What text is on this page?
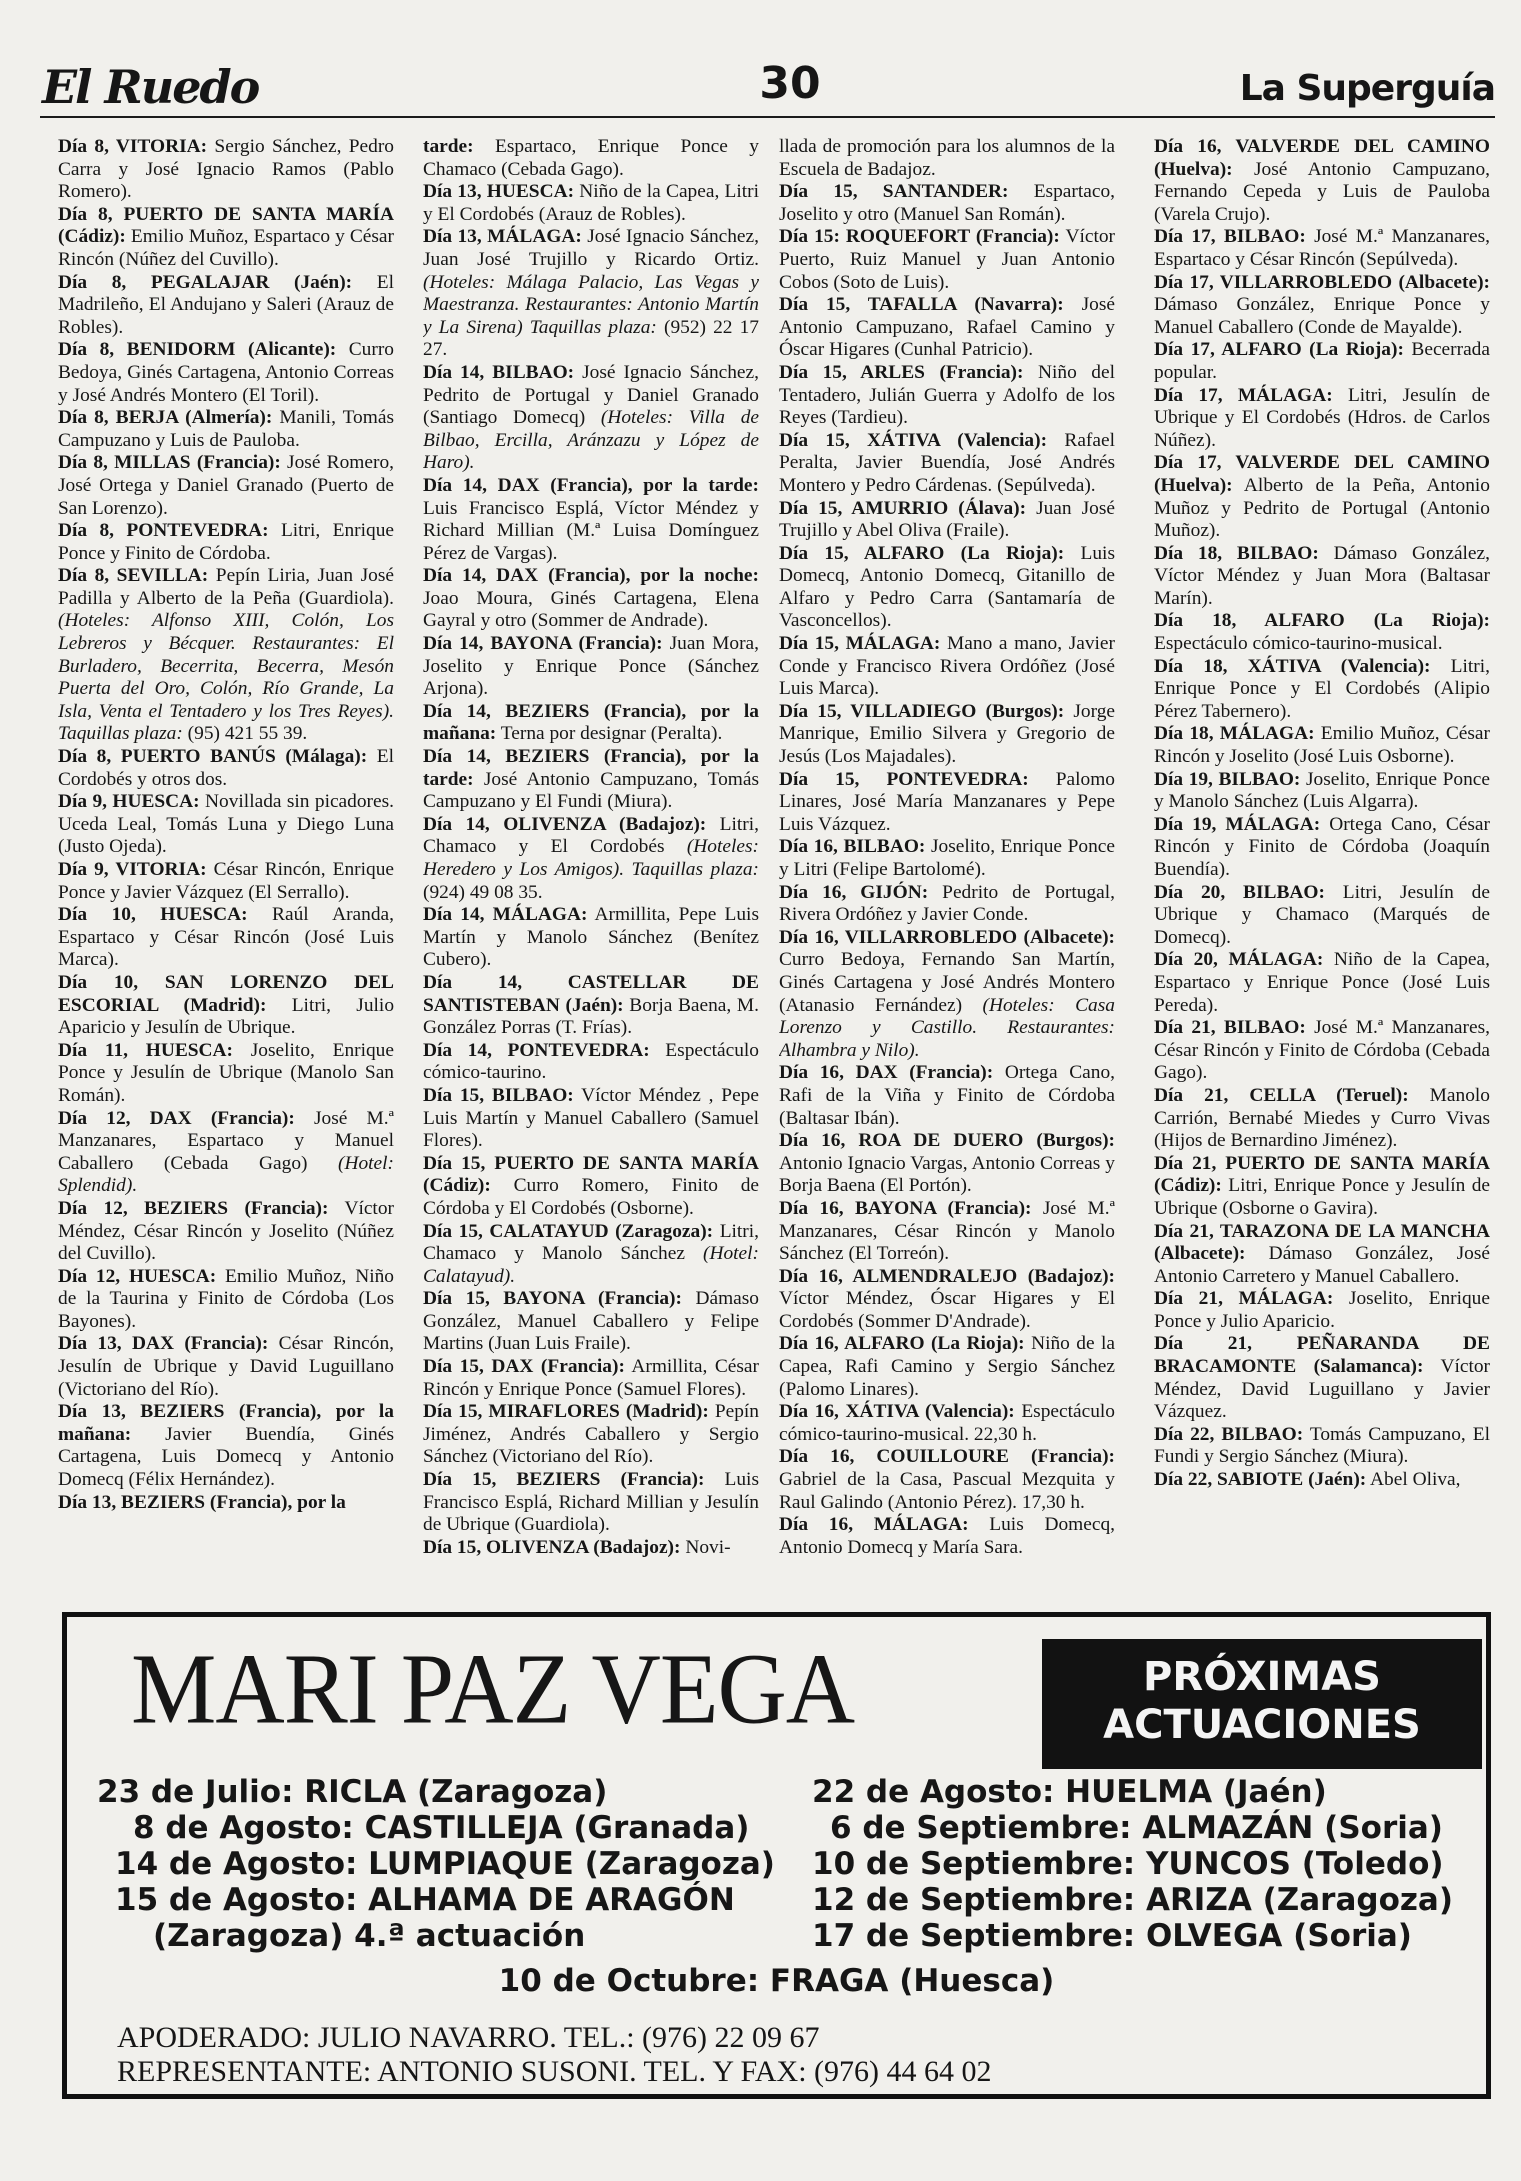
El Ruedo	30	La Superguía

Día 8, VITORIA: Sergio Sánchez, Pedro Carra y José Ignacio Ramos (Pablo Romero).

Día 8, PUERTO DE SANTA MARÍA (Cádiz): Emilio Muñoz, Espartaco y César Rincón (Núñez del Cuvillo).

Día 8, PEGALAJAR (Jaén): El Madrileño, El Andujano y Saleri (Arauz de Robles).

Día 8, BENIDORM (Alicante): Curro Bedoya, Ginés Cartagena, Antonio Correas y José Andrés Montero (El Toril).

Día 8, BERJA (Almería): Manili, Tomás Campuzano y Luis de Pauloba.

Día 8, MILLAS (Francia): José Romero, José Ortega y Daniel Granado (Puerto de San Lorenzo).

Día 8, PONTEVEDRA: Litri, Enrique Ponce y Finito de Córdoba.

Día 8, SEVILLA: Pepín Liria, Juan José Padilla y Alberto de la Peña (Guardiola). (Hoteles: Alfonso XIII, Colón, Los Lebreros y Bécquer. Restaurantes: El Burladero, Becerrita, Becerra, Mesón Puerta del Oro, Colón, Río Grande, La Isla, Venta el Tentadero y los Tres Reyes). Taquillas plaza: (95) 421 55 39.

Día 8, PUERTO BANÚS (Málaga): El Cordobés y otros dos.

Día 9, HUESCA: Novillada sin picadores. Uceda Leal, Tomás Luna y Diego Luna (Justo Ojeda).

Día 9, VITORIA: César Rincón, Enrique Ponce y Javier Vázquez (El Serrallo).

Día 10, HUESCA: Raúl Aranda, Espartaco y César Rincón (José Luis Marca).

Día 10, SAN LORENZO DEL ESCORIAL (Madrid): Litri, Julio Aparicio y Jesulín de Ubrique.

Día 11, HUESCA: Joselito, Enrique Ponce y Jesulín de Ubrique (Manolo San Román).

Día 12, DAX (Francia): José M.ª Manzanares, Espartaco y Manuel Caballero (Cebada Gago) (Hotel: Splendid).

Día 12, BEZIERS (Francia): Víctor Méndez, César Rincón y Joselito (Núñez del Cuvillo).

Día 12, HUESCA: Emilio Muñoz, Niño de la Taurina y Finito de Córdoba (Los Bayones).

Día 13, DAX (Francia): César Rincón, Jesulín de Ubrique y David Luguillano (Victoriano del Río).

Día 13, BEZIERS (Francia), por la mañana: Javier Buendía, Ginés Cartagena, Luis Domecq y Antonio Domecq (Félix Hernández).

Día 13, BEZIERS (Francia), por la

tarde: Espartaco, Enrique Ponce y Chamaco (Cebada Gago).

Día 13, HUESCA: Niño de la Capea, Litri y El Cordobés (Arauz de Robles).

Día 13, MÁLAGA: José Ignacio Sánchez, Juan José Trujillo y Ricardo Ortiz. (Hoteles: Málaga Palacio, Las Vegas y Maestranza. Restaurantes: Antonio Martín y La Sirena) Taquillas plaza: (952) 22 17 27.

Día 14, BILBAO: José Ignacio Sánchez, Pedrito de Portugal y Daniel Granado (Santiago Domecq) (Hoteles: Villa de Bilbao, Ercilla, Aránzazu y López de Haro).

Día 14, DAX (Francia), por la tarde: Luis Francisco Esplá, Víctor Méndez y Richard Millian (M.ª Luisa Domínguez Pérez de Vargas).

Día 14, DAX (Francia), por la noche: Joao Moura, Ginés Cartagena, Elena Gayral y otro (Sommer de Andrade).

Día 14, BAYONA (Francia): Juan Mora, Joselito y Enrique Ponce (Sánchez Arjona).

Día 14, BEZIERS (Francia), por la mañana: Terna por designar (Peralta).

Día 14, BEZIERS (Francia), por la tarde: José Antonio Campuzano, Tomás Campuzano y El Fundi (Miura).

Día 14, OLIVENZA (Badajoz): Litri, Chamaco y El Cordobés (Hoteles: Heredero y Los Amigos). Taquillas plaza: (924) 49 08 35.

Día 14, MÁLAGA: Armillita, Pepe Luis Martín y Manolo Sánchez (Benítez Cubero).

Día 14, CASTELLAR DE SANTISTEBAN (Jaén): Borja Baena, M. González Porras (T. Frías).

Día 14, PONTEVEDRA: Espectáculo cómico-taurino.

Día 15, BILBAO: Víctor Méndez , Pepe Luis Martín y Manuel Caballero (Samuel Flores).

Día 15, PUERTO DE SANTA MARÍA (Cádiz): Curro Romero, Finito de Córdoba y El Cordobés (Osborne).

Día 15, CALATAYUD (Zaragoza): Litri, Chamaco y Manolo Sánchez (Hotel: Calatayud).

Día 15, BAYONA (Francia): Dámaso González, Manuel Caballero y Felipe Martins (Juan Luis Fraile).

Día 15, DAX (Francia): Armillita, César Rincón y Enrique Ponce (Samuel Flores).

Día 15, MIRAFLORES (Madrid): Pepín Jiménez, Andrés Caballero y Sergio Sánchez (Victoriano del Río).

Día 15, BEZIERS (Francia): Luis Francisco Esplá, Richard Millian y Jesulín de Ubrique (Guardiola).

Día 15, OLIVENZA (Badajoz): Novi-

llada de promoción para los alumnos de la Escuela de Badajoz.

Día 15, SANTANDER: Espartaco, Joselito y otro (Manuel San Román).

Día 15: ROQUEFORT (Francia): Víctor Puerto, Ruiz Manuel y Juan Antonio Cobos (Soto de Luis).

Día 15, TAFALLA (Navarra): José Antonio Campuzano, Rafael Camino y Óscar Higares (Cunhal Patricio).

Día 15, ARLES (Francia): Niño del Tentadero, Julián Guerra y Adolfo de los Reyes (Tardieu).

Día 15, XÁTIVA (Valencia): Rafael Peralta, Javier Buendía, José Andrés Montero y Pedro Cárdenas. (Sepúlveda).

Día 15, AMURRIO (Álava): Juan José Trujillo y Abel Oliva (Fraile).

Día 15, ALFARO (La Rioja): Luis Domecq, Antonio Domecq, Gitanillo de Alfaro y Pedro Carra (Santamaría de Vasconcellos).

Día 15, MÁLAGA: Mano a mano, Javier Conde y Francisco Rivera Ordóñez (José Luis Marca).

Día 15, VILLADIEGO (Burgos): Jorge Manrique, Emilio Silvera y Gregorio de Jesús (Los Majadales).

Día 15, PONTEVEDRA: Palomo Linares, José María Manzanares y Pepe Luis Vázquez.

Día 16, BILBAO: Joselito, Enrique Ponce y Litri (Felipe Bartolomé).

Día 16, GIJÓN: Pedrito de Portugal, Rivera Ordóñez y Javier Conde.

Día 16, VILLARROBLEDO (Albacete): Curro Bedoya, Fernando San Martín, Ginés Cartagena y José Andrés Montero (Atanasio Fernández) (Hoteles: Casa Lorenzo y Castillo. Restaurantes: Alhambra y Nilo).

Día 16, DAX (Francia): Ortega Cano, Rafi de la Viña y Finito de Córdoba (Baltasar Ibán).

Día 16, ROA DE DUERO (Burgos): Antonio Ignacio Vargas, Antonio Correas y Borja Baena (El Portón).

Día 16, BAYONA (Francia): José M.ª Manzanares, César Rincón y Manolo Sánchez (El Torreón).

Día 16, ALMENDRALEJO (Badajoz): Víctor Méndez, Óscar Higares y El Cordobés (Sommer D'Andrade).

Día 16, ALFARO (La Rioja): Niño de la Capea, Rafi Camino y Sergio Sánchez (Palomo Linares).

Día 16, XÁTIVA (Valencia): Espectáculo cómico-taurino-musical. 22,30 h.

Día 16, COUILLOURE (Francia): Gabriel de la Casa, Pascual Mezquita y Raul Galindo (Antonio Pérez). 17,30 h.

Día 16, MÁLAGA: Luis Domecq, Antonio Domecq y María Sara.

Día 16, VALVERDE DEL CAMINO (Huelva): José Antonio Campuzano, Fernando Cepeda y Luis de Pauloba (Varela Crujo).

Día 17, BILBAO: José M.ª Manzanares, Espartaco y César Rincón (Sepúlveda).

Día 17, VILLARROBLEDO (Albacete): Dámaso González, Enrique Ponce y Manuel Caballero (Conde de Mayalde).

Día 17, ALFARO (La Rioja): Becerrada popular.

Día 17, MÁLAGA: Litri, Jesulín de Ubrique y El Cordobés (Hdros. de Carlos Núñez).

Día 17, VALVERDE DEL CAMINO (Huelva): Alberto de la Peña, Antonio Muñoz y Pedrito de Portugal (Antonio Muñoz).

Día 18, BILBAO: Dámaso González, Víctor Méndez y Juan Mora (Baltasar Marín).

Día 18, ALFARO (La Rioja): Espectáculo cómico-taurino-musical.

Día 18, XÁTIVA (Valencia): Litri, Enrique Ponce y El Cordobés (Alipio Pérez Tabernero).

Día 18, MÁLAGA: Emilio Muñoz, César Rincón y Joselito (José Luis Osborne).

Día 19, BILBAO: Joselito, Enrique Ponce y Manolo Sánchez (Luis Algarra).

Día 19, MÁLAGA: Ortega Cano, César Rincón y Finito de Córdoba (Joaquín Buendía).

Día 20, BILBAO: Litri, Jesulín de Ubrique y Chamaco (Marqués de Domecq).

Día 20, MÁLAGA: Niño de la Capea, Espartaco y Enrique Ponce (José Luis Pereda).

Día 21, BILBAO: José M.ª Manzanares, César Rincón y Finito de Córdoba (Cebada Gago).

Día 21, CELLA (Teruel): Manolo Carrión, Bernabé Miedes y Curro Vivas (Hijos de Bernardino Jiménez).

Día 21, PUERTO DE SANTA MARÍA (Cádiz): Litri, Enrique Ponce y Jesulín de Ubrique (Osborne o Gavira).

Día 21, TARAZONA DE LA MANCHA (Albacete): Dámaso González, José Antonio Carretero y Manuel Caballero.

Día 21, MÁLAGA: Joselito, Enrique Ponce y Julio Aparicio.

Día 21, PEÑARANDA DE BRACAMONTE (Salamanca): Víctor Méndez, David Luguillano y Javier Vázquez.

Día 22, BILBAO: Tomás Campuzano, El Fundi y Sergio Sánchez (Miura).

Día 22, SABIOTE (Jaén): Abel Oliva,

MARI PAZ VEGA	PRÓXIMAS
ACTUACIONES
23 de Julio: RICLA (Zaragoza)
8 de Agosto: CASTILLEJA (Granada)
14 de Agosto: LUMPIAQUE (Zaragoza)
15 de Agosto: ALHAMA DE ARAGÓN
(Zaragoza) 4.ª actuación
22 de Agosto: HUELMA (Jaén)
6 de Septiembre: ALMAZÁN (Soria)
10 de Septiembre: YUNCOS (Toledo)
12 de Septiembre: ARIZA (Zaragoza)
17 de Septiembre: OLVEGA (Soria)
10 de Octubre: FRAGA (Huesca)
APODERADO: JULIO NAVARRO. TEL.: (976) 22 09 67
REPRESENTANTE: ANTONIO SUSONI. TEL. Y FAX: (976) 44 64 02
